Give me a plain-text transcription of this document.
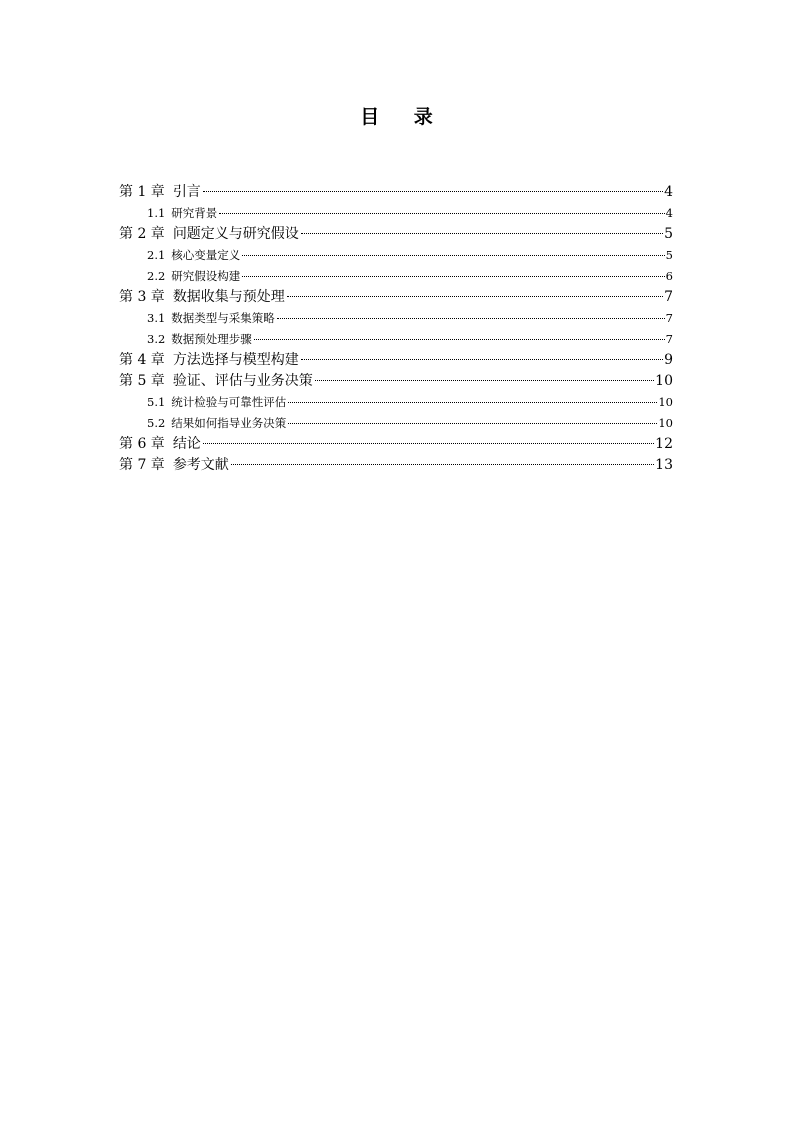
目 录
第 1 章 引言	4
1.1 研究背景	4
第 2 章 问题定义与研究假设	5
2.1 核心变量定义	5
2.2 研究假设构建	6
第 3 章 数据收集与预处理	7
3.1 数据类型与采集策略	7
3.2 数据预处理步骤	7
第 4 章 方法选择与模型构建	9
第 5 章 验证、评估与业务决策	10
5.1 统计检验与可靠性评估	10
5.2 结果如何指导业务决策	10
第 6 章 结论	12
第 7 章 参考文献	13
